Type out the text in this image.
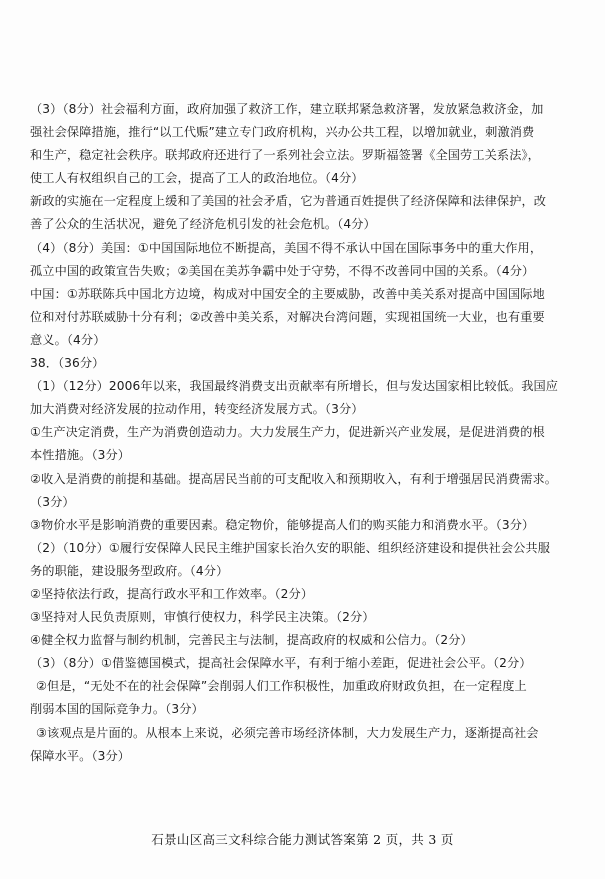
（3）（8分）社会福利方面，政府加强了救济工作，建立联邦紧急救济署，发放紧急救济金，加
强社会保障措施，推行“以工代赈”建立专门政府机构，兴办公共工程，以增加就业，刺激消费
和生产，稳定社会秩序。联邦政府还进行了一系列社会立法。罗斯福签署《全国劳工关系法》，
使工人有权组织自己的工会，提高了工人的政治地位。（4分）
新政的实施在一定程度上缓和了美国的社会矛盾，它为普通百姓提供了经济保障和法律保护，改
善了公众的生活状况，避免了经济危机引发的社会危机。（4分）
（4）（8分）美国：①中国国际地位不断提高，美国不得不承认中国在国际事务中的重大作用，
孤立中国的政策宣告失败；②美国在美苏争霸中处于守势，不得不改善同中国的关系。（4分）
中国：①苏联陈兵中国北方边境，构成对中国安全的主要威胁，改善中美关系对提高中国国际地
位和对付苏联威胁十分有利；②改善中美关系，对解决台湾问题，实现祖国统一大业，也有重要
意义。（4分）
38．（36分）
（1）（12分）2006年以来，我国最终消费支出贡献率有所增长，但与发达国家相比较低。我国应
加大消费对经济发展的拉动作用，转变经济发展方式。（3分）
①生产决定消费，生产为消费创造动力。大力发展生产力，促进新兴产业发展，是促进消费的根
本性措施。（3分）
②收入是消费的前提和基础。提高居民当前的可支配收入和预期收入，有利于增强居民消费需求。
（3分）
③物价水平是影响消费的重要因素。稳定物价，能够提高人们的购买能力和消费水平。（3分）
（2）（10分）①履行安保障人民民主维护国家长治久安的职能、组织经济建设和提供社会公共服
务的职能，建设服务型政府。（4分）
②坚持依法行政，提高行政水平和工作效率。（2分）
③坚持对人民负责原则，审慎行使权力，科学民主决策。（2分）
④健全权力监督与制约机制，完善民主与法制，提高政府的权威和公信力。（2分）
（3）（8分）①借鉴德国模式，提高社会保障水平，有利于缩小差距，促进社会公平。（2分）
②但是，“无处不在的社会保障”会削弱人们工作积极性，加重政府财政负担，在一定程度上
削弱本国的国际竞争力。（3分）
③该观点是片面的。从根本上来说，必须完善市场经济体制，大力发展生产力，逐渐提高社会
保障水平。（3分）
石景山区高三文科综合能力测试答案第 2 页，共 3 页
